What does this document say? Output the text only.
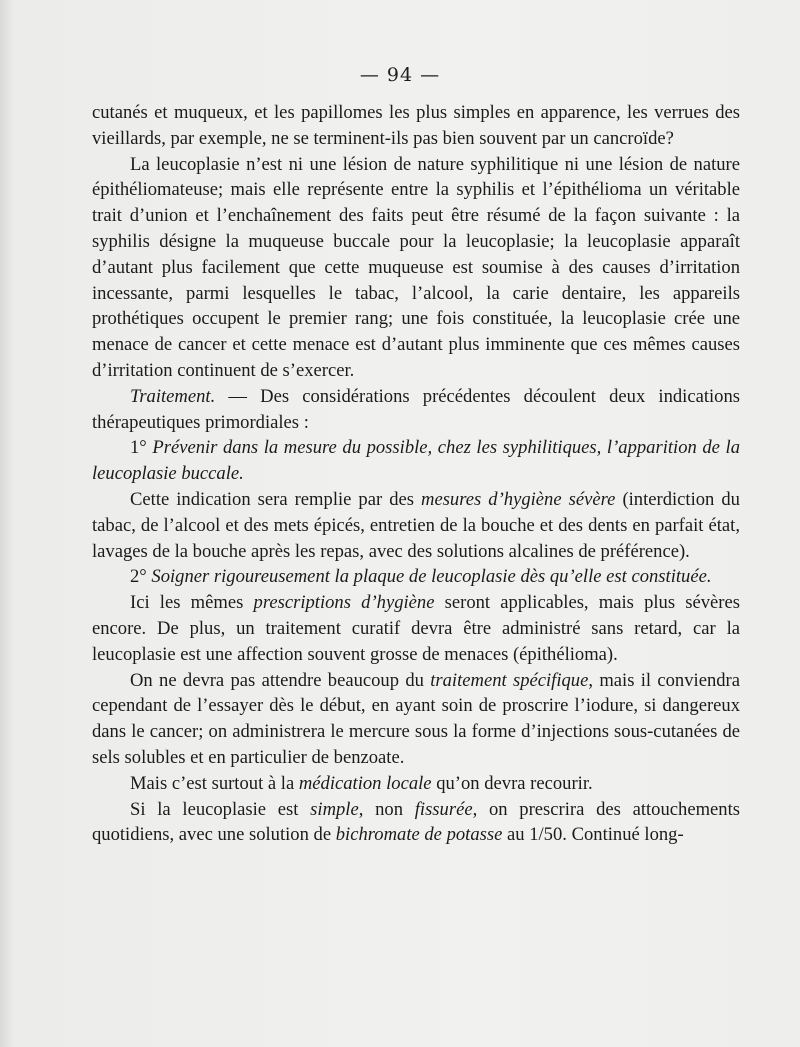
— 94 —

cutanés et muqueux, et les papillomes les plus simples en apparence, les verrues des vieillards, par exemple, ne se terminent-ils pas bien souvent par un cancroïde?

La leucoplasie n’est ni une lésion de nature syphilitique ni une lésion de nature épithéliomateuse; mais elle représente entre la syphilis et l’épithélioma un véritable trait d’union et l’enchaînement des faits peut être résumé de la façon suivante : la syphilis désigne la muqueuse buccale pour la leucoplasie; la leucoplasie apparaît d’autant plus facilement que cette muqueuse est soumise à des causes d’irritation incessante, parmi lesquelles le tabac, l’alcool, la carie dentaire, les appareils prothétiques occupent le premier rang; une fois constituée, la leucoplasie crée une menace de cancer et cette menace est d’autant plus imminente que ces mêmes causes d’irritation continuent de s’exercer.

Traitement. — Des considérations précédentes découlent deux indications thérapeutiques primordiales :

1° Prévenir dans la mesure du possible, chez les syphilitiques, l’apparition de la leucoplasie buccale.

Cette indication sera remplie par des mesures d’hygiène sévère (interdiction du tabac, de l’alcool et des mets épicés, entretien de la bouche et des dents en parfait état, lavages de la bouche après les repas, avec des solutions alcalines de préférence).

2° Soigner rigoureusement la plaque de leucoplasie dès qu’elle est constituée.

Ici les mêmes prescriptions d’hygiène seront applicables, mais plus sévères encore. De plus, un traitement curatif devra être administré sans retard, car la leucoplasie est une affection souvent grosse de menaces (épithélioma).

On ne devra pas attendre beaucoup du traitement spécifique, mais il conviendra cependant de l’essayer dès le début, en ayant soin de proscrire l’iodure, si dangereux dans le cancer; on administrera le mercure sous la forme d’injections sous-cutanées de sels solubles et en particulier de benzoate.

Mais c’est surtout à la médication locale qu’on devra recourir.

Si la leucoplasie est simple, non fissurée, on prescrira des attouchements quotidiens, avec une solution de bichromate de potasse au 1/50. Continué long-
